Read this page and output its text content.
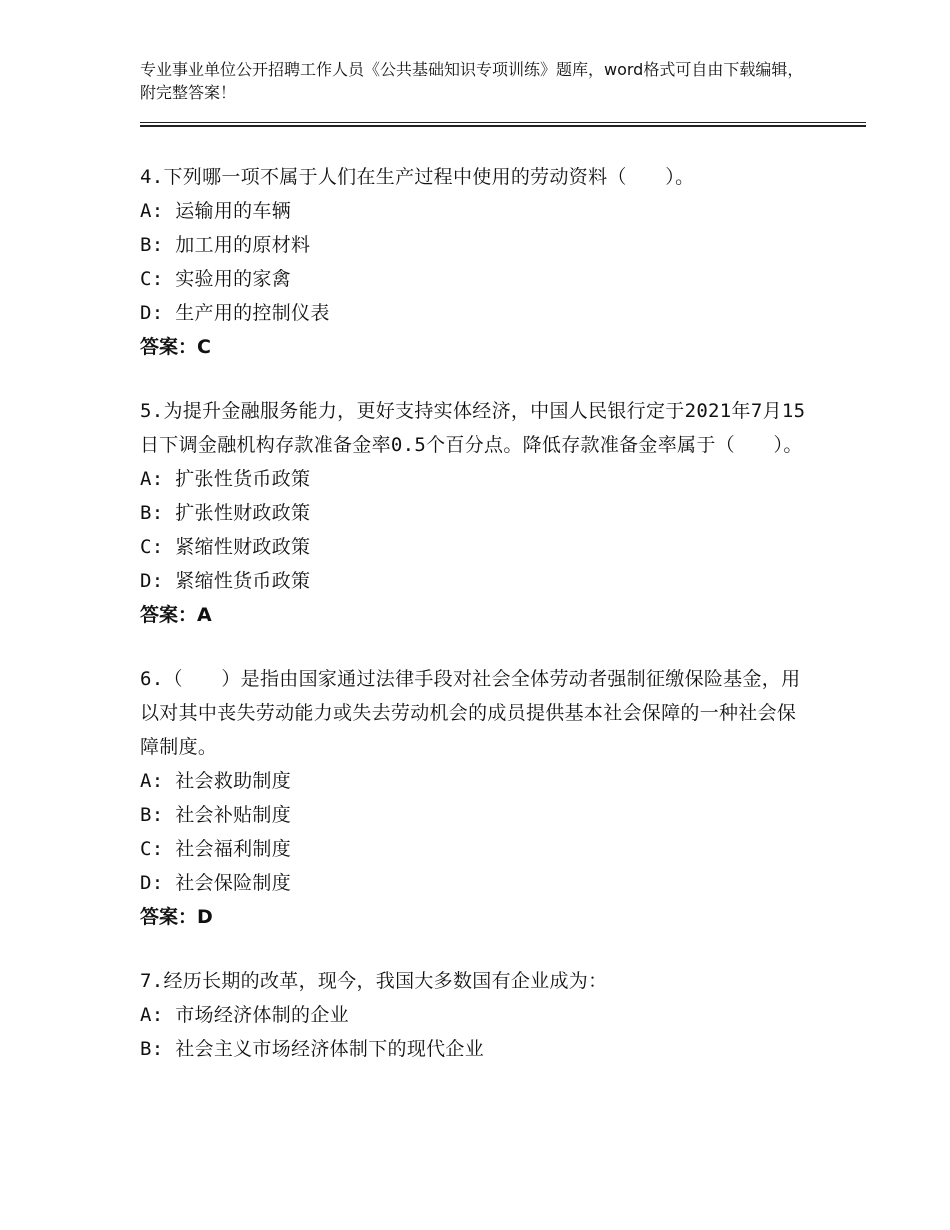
专业事业单位公开招聘工作人员《公共基础知识专项训练》题库，word格式可自由下载编辑，附完整答案！
4.下列哪一项不属于人们在生产过程中使用的劳动资料（　　）。
A: 运输用的车辆
B: 加工用的原材料
C: 实验用的家禽
D: 生产用的控制仪表
答案：C
5.为提升金融服务能力，更好支持实体经济，中国人民银行定于2021年7月15日下调金融机构存款准备金率0.5个百分点。降低存款准备金率属于（　　）。
A: 扩张性货币政策
B: 扩张性财政政策
C: 紧缩性财政政策
D: 紧缩性货币政策
答案：A
6.（　　）是指由国家通过法律手段对社会全体劳动者强制征缴保险基金，用以对其中丧失劳动能力或失去劳动机会的成员提供基本社会保障的一种社会保障制度。
A: 社会救助制度
B: 社会补贴制度
C: 社会福利制度
D: 社会保险制度
答案：D
7.经历长期的改革，现今，我国大多数国有企业成为：
A: 市场经济体制的企业
B: 社会主义市场经济体制下的现代企业
